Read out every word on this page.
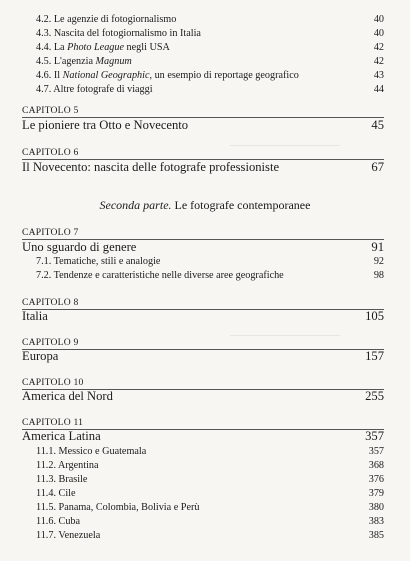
———————————
———————————
4.2. Le agenzie di fotogiornalismo	40
4.3. Nascita del fotogiornalismo in Italia	40
4.4. La Photo League negli USA	42
4.5. L'agenzia Magnum	42
4.6. Il National Geographic, un esempio di reportage geografico	43
4.7. Altre fotografe di viaggi	44
CAPITOLO 5
Le pioniere tra Otto e Novecento	45
CAPITOLO 6
Il Novecento: nascita delle fotografe professioniste	67
Seconda parte. Le fotografe contemporanee
CAPITOLO 7
Uno sguardo di genere	91
7.1. Tematiche, stili e analogie	92
7.2. Tendenze e caratteristiche nelle diverse aree geografiche	98
CAPITOLO 8
Italia	105
CAPITOLO 9
Europa	157
CAPITOLO 10
America del Nord	255
CAPITOLO 11
America Latina	357
11.1. Messico e Guatemala	357
11.2. Argentina	368
11.3. Brasile	376
11.4. Cile	379
11.5. Panama, Colombia, Bolivia e Perù	380
11.6. Cuba	383
11.7. Venezuela	385
